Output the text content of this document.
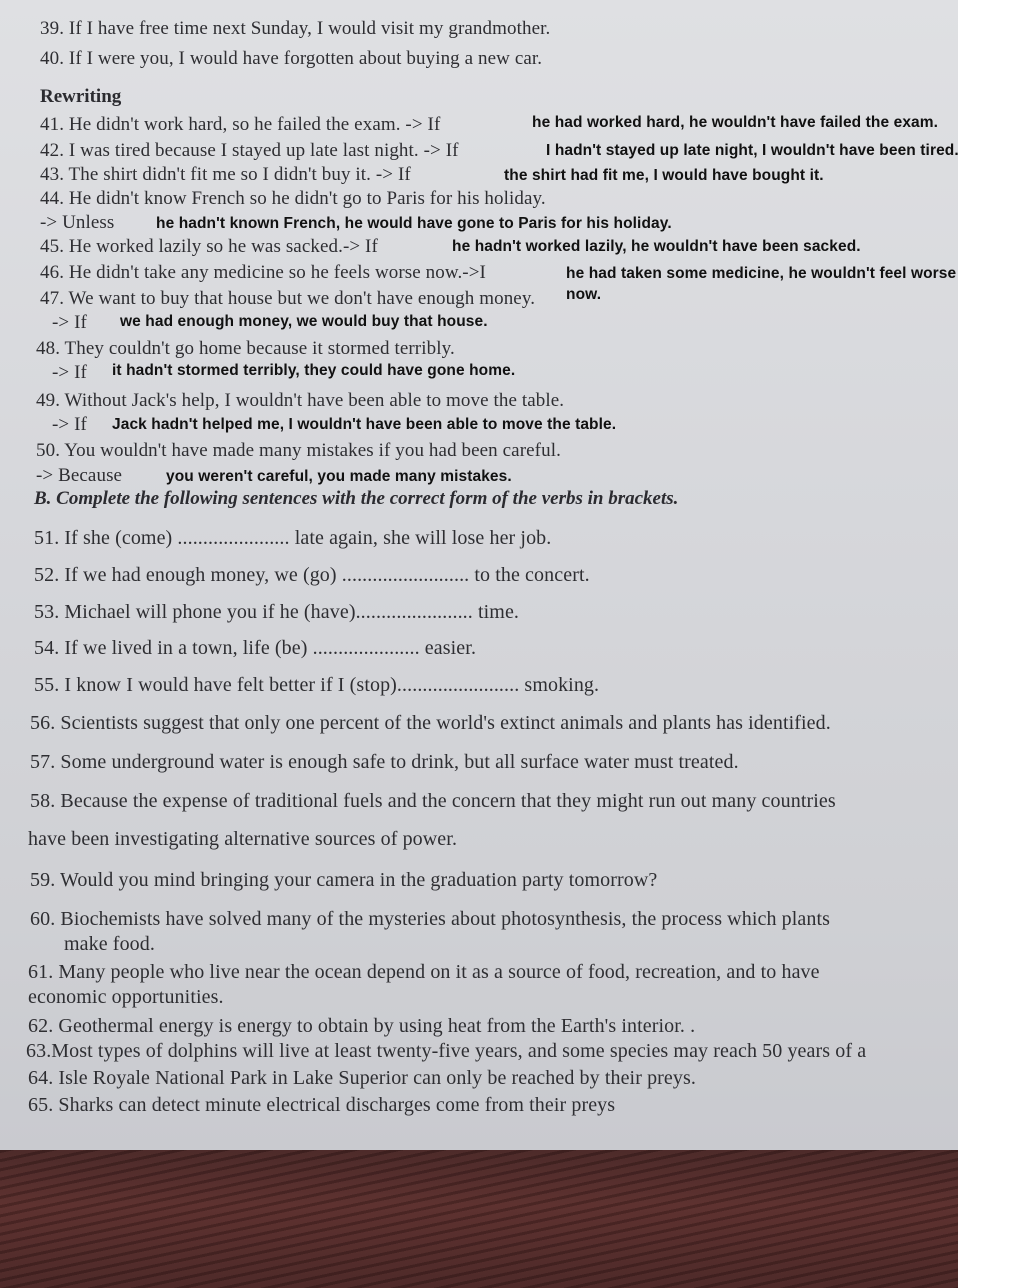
39. If I have free time next Sunday, I would visit my grandmother.
40. If I were you, I would have forgotten about buying a new car.
Rewriting
41. He didn't work hard, so he failed the exam. -> If
42. I was tired because I stayed up late last night. -> If
43. The shirt didn't fit me so I didn't buy it. -> If
44. He didn't know French so he didn't go to Paris for his holiday.
-> Unless
45. He worked lazily so he was sacked.-> If
46. He didn't take any medicine so he feels worse now.->I
47. We want to buy that house but we don't have enough money.
-> If
48. They couldn't go home because it stormed terribly.
-> If
49. Without Jack's help, I wouldn't have been able to move the table.
-> If
50. You wouldn't have made many mistakes if you had been careful.
-> Because
B. Complete the following sentences with the correct form of the verbs in brackets.
51. If she (come) ...................... late again, she will lose her job.
52. If we had enough money, we (go) ......................... to the concert.
53. Michael will phone you if he (have)....................... time.
54. If we lived in a town, life (be) ..................... easier.
55. I know I would have felt better if I (stop)........................ smoking.
56. Scientists suggest that only one percent of the world's extinct animals and plants has identified.
57. Some underground water is enough safe to drink, but all surface water must treated.
58. Because the expense of traditional fuels and the concern that they might run out many countries
have been investigating alternative sources of power.
59. Would you mind bringing your camera in the graduation party tomorrow?
60. Biochemists have solved many of the mysteries about photosynthesis, the process which plants
make food.
61. Many people who live near the ocean depend on it as a source of food, recreation, and to have
economic opportunities.
62. Geothermal energy is energy to obtain by using heat from the Earth's interior. .
63.Most types of dolphins will live at least twenty-five years, and some species may reach 50 years of a
64. Isle Royale National Park in Lake Superior can only be reached by their preys.
65. Sharks can detect minute electrical discharges come from their preys
he had worked hard, he wouldn't have failed the exam.
I hadn't stayed up late night, I wouldn't have been tired.
the shirt had fit me, I would have bought it.
he hadn't known French, he would have gone to Paris for his holiday.
he hadn't worked lazily, he wouldn't have been sacked.
he had taken some medicine, he wouldn't feel worse
now.
we had enough money, we would buy that house.
it hadn't stormed terribly, they could have gone home.
Jack hadn't helped me, I wouldn't have been able to move the table.
you weren't careful, you made many mistakes.
